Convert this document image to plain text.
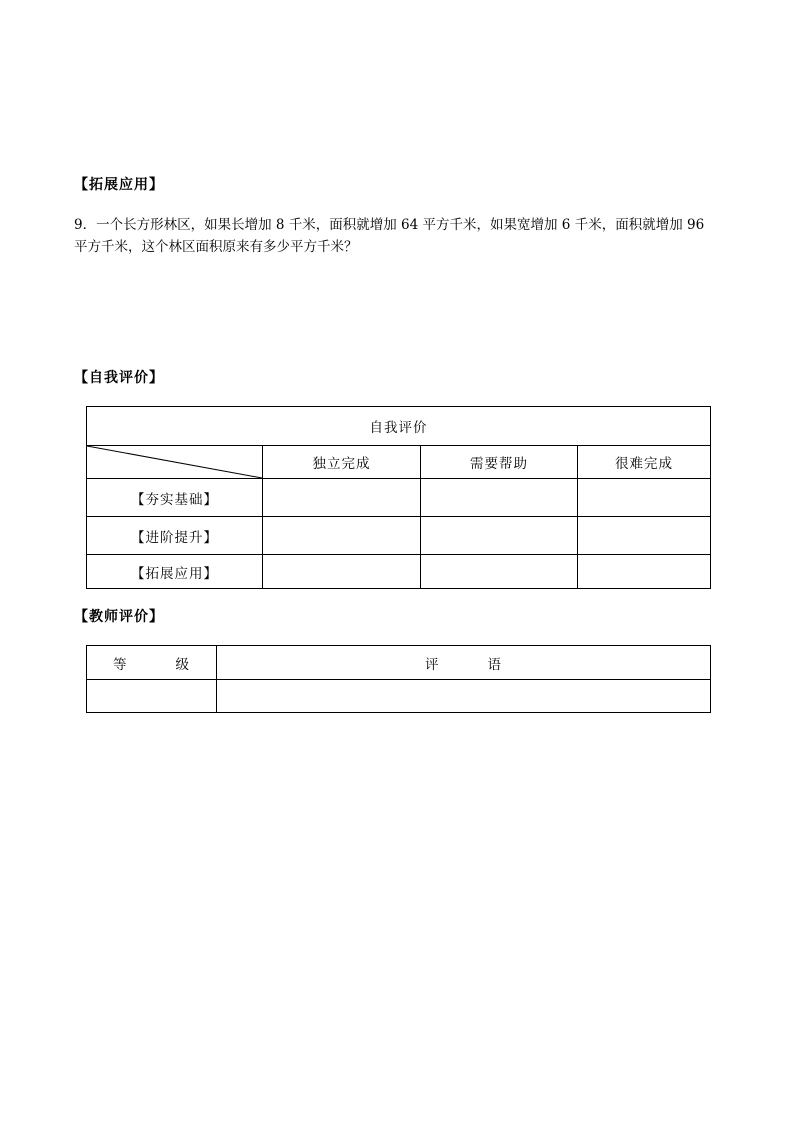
【拓展应用】

9．一个长方形林区，如果长增加 8 千米，面积就增加 64 平方千米，如果宽增加 6 千米，面积就增加 96 平方千米，这个林区面积原来有多少平方千米？

【自我评价】
自我评价			

	独立完成	需要帮助	很难完成
【夯实基础】			
【进阶提升】			
【拓展应用】			
【教师评价】
等 级	评 语
